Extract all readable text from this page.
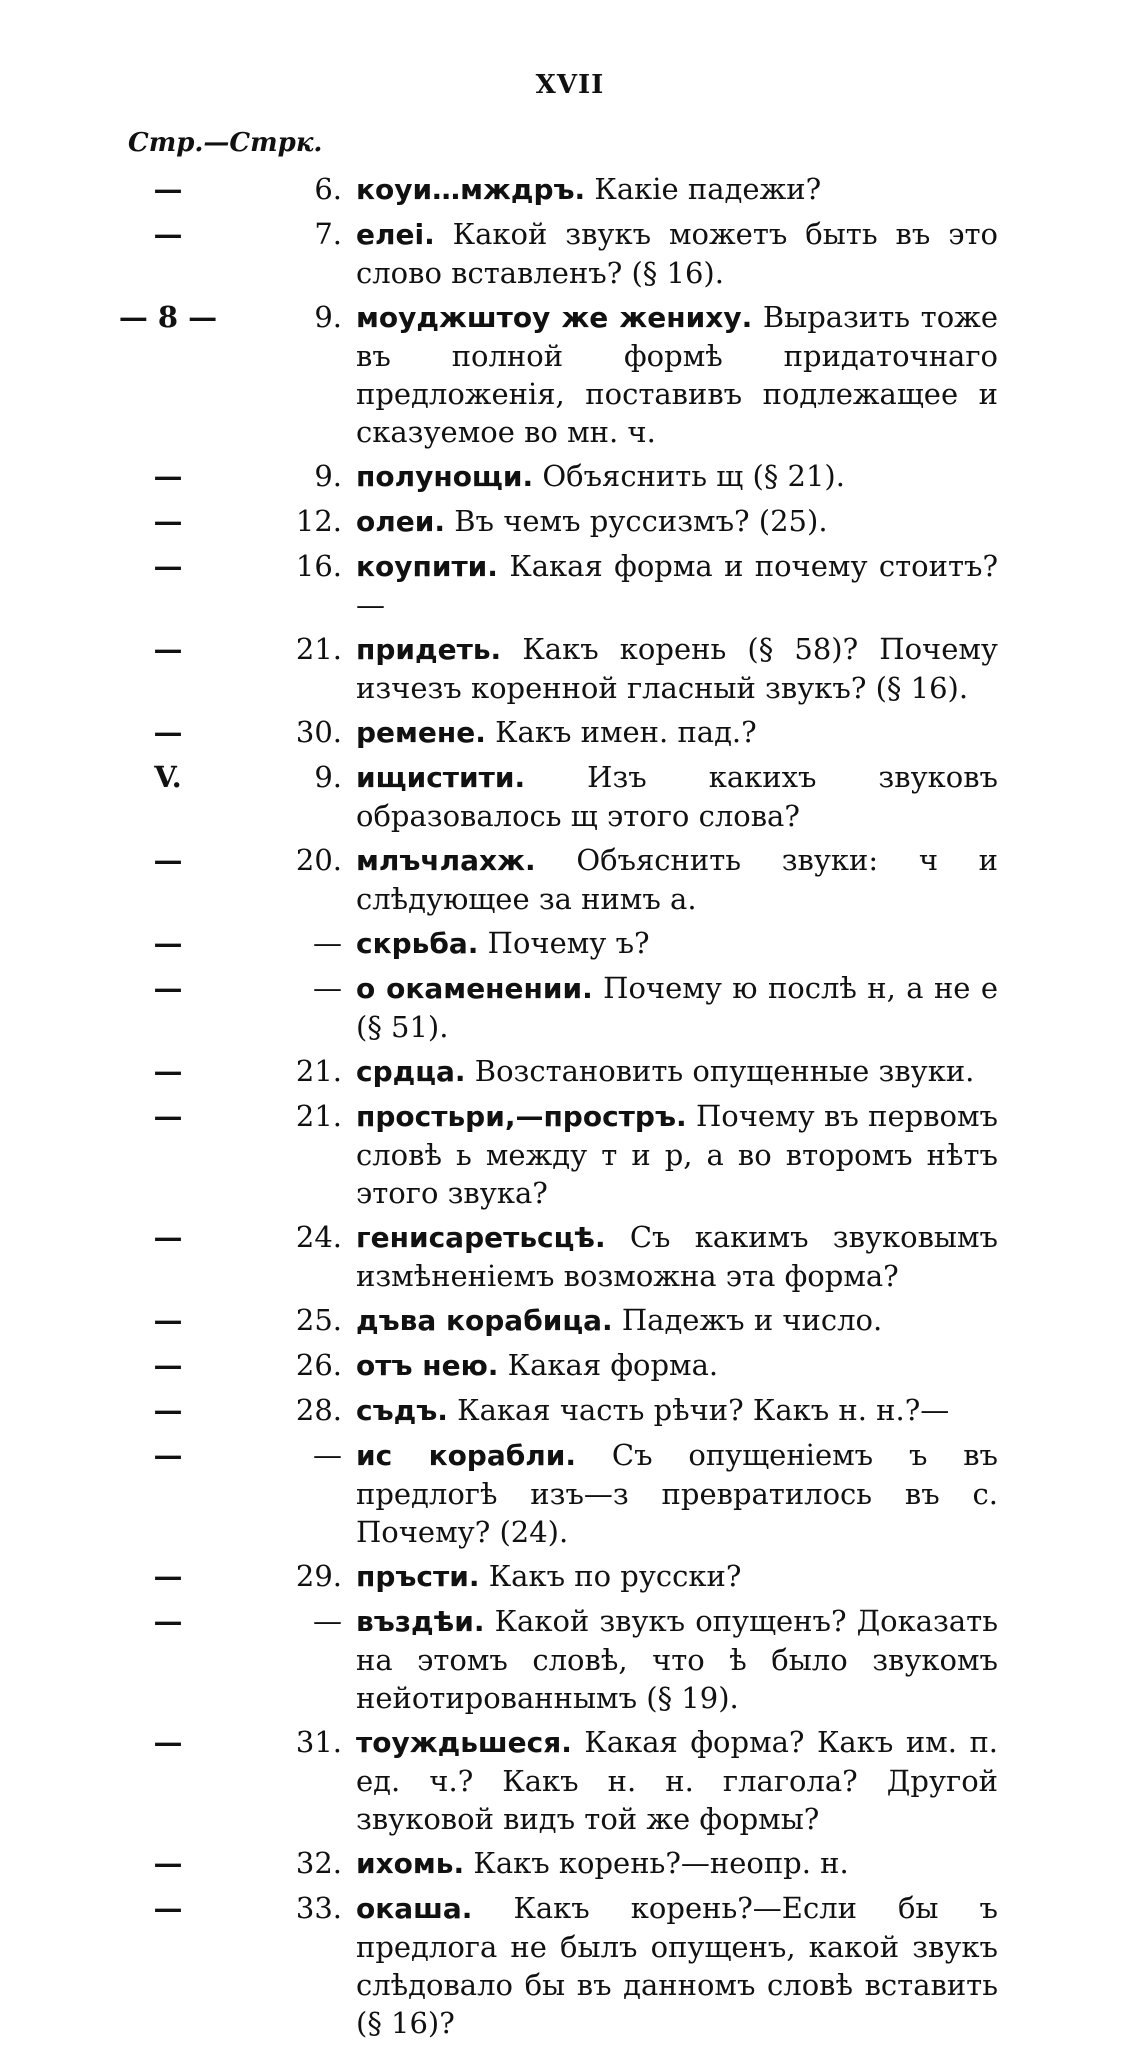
XVII
Стр.—Стрк.
—	6. коуи…мждръ. Какіе падежи?
—	7. елеі. Какой звукъ можетъ быть въ это слово вставленъ? (§ 16).
— 8 —	9. моуджштоу же жениху. Выразить тоже въ полной формѣ придаточнаго предложенія, поставивъ подлежащее и сказуемое во мн. ч.
—	9. полунощи. Объяснить щ (§ 21).
—	12. олеи. Въ чемъ руссизмъ? (25).
—	16. коупити. Какая форма и почему стоитъ?—
—	21. придеть. Какъ корень (§ 58)? Почему изчезъ коренной гласный звукъ? (§ 16).
—	30. ремене. Какъ имен. пад.?
V.	9. ищистити. Изъ какихъ звуковъ образовалось щ этого слова?
—	20. млъчлахж. Объяснить звуки: ч и слѣдующее за нимъ а.
—	— скрьба. Почему ъ?
—	— о окаменении. Почему ю послѣ н, а не е (§ 51).
—	21. срдца. Возстановить опущенные звуки.
—	21. простьри,—простръ. Почему въ первомъ словѣ ь между т и р, а во второмъ нѣтъ этого звука?
—	24. генисаретьсцѣ. Съ какимъ звуковымъ измѣненіемъ возможна эта форма?
—	25. дъва корабица. Падежъ и число.
—	26. отъ нею. Какая форма.
—	28. съдъ. Какая часть рѣчи? Какъ н. н.?—
—	— ис корабли. Съ опущеніемъ ъ въ предлогѣ изъ—з превратилось въ с. Почему? (24).
—	29. пръсти. Какъ по русски?
—	— въздѣи. Какой звукъ опущенъ? Доказать на этомъ словѣ, что ѣ было звукомъ нейотированнымъ (§ 19).
—	31. тоуждьшеся. Какая форма? Какъ им. п. ед. ч.? Какъ н. н. глагола? Другой звуковой видъ той же формы?
—	32. ихомь. Какъ корень?—неопр. н.
—	33. окаша. Какъ корень?—Если бы ъ предлога не былъ опущенъ, какой звукъ слѣдовало бы въ данномъ словѣ вставить (§ 16)?
